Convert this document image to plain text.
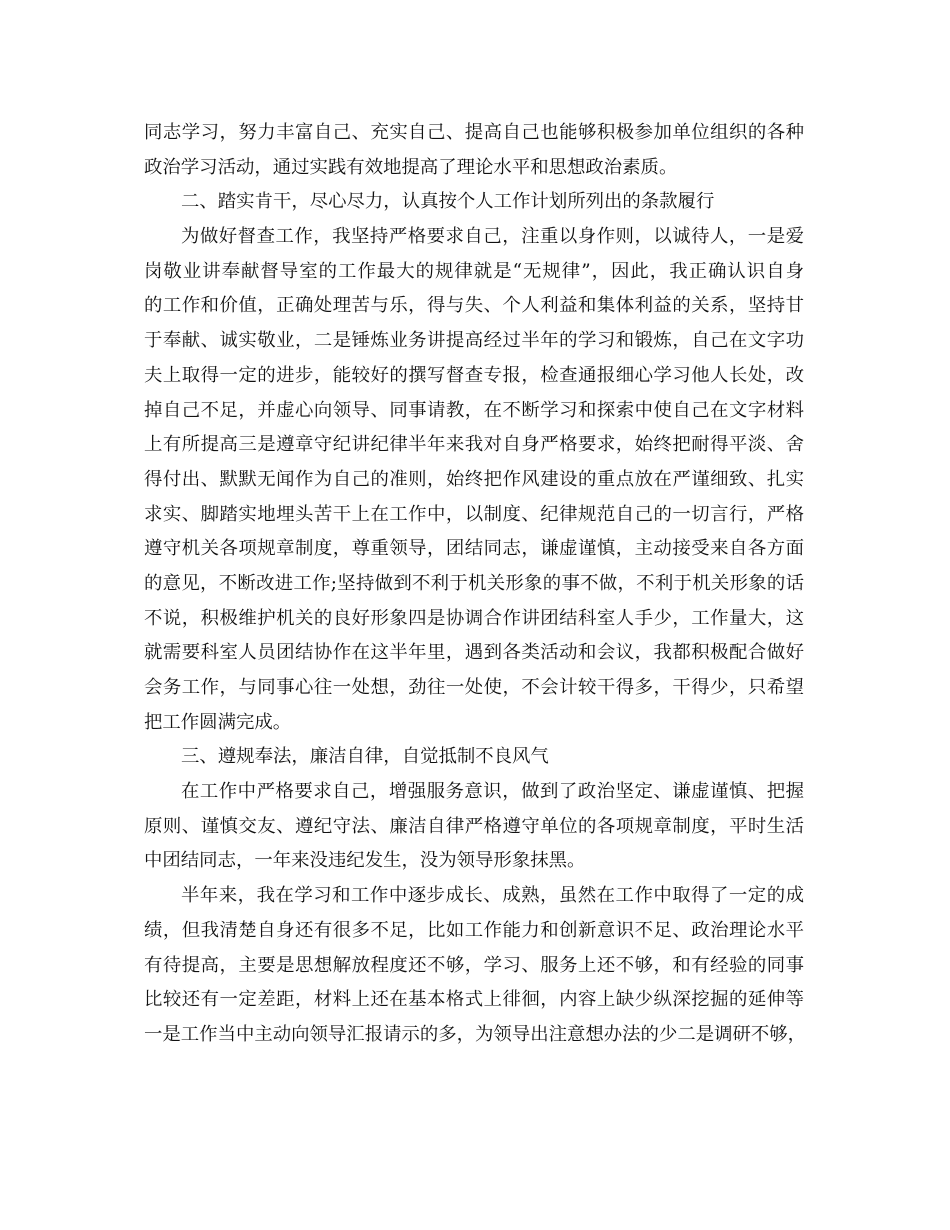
同志学习，努力丰富自己、充实自己、提高自己也能够积极参加单位组织的各种
政治学习活动，通过实践有效地提高了理论水平和思想政治素质。
二、踏实肯干，尽心尽力，认真按个人工作计划所列出的条款履行
为做好督查工作，我坚持严格要求自己，注重以身作则，以诚待人，一是爱
岗敬业讲奉献督导室的工作最大的规律就是“无规律”，因此，我正确认识自身
的工作和价值，正确处理苦与乐，得与失、个人利益和集体利益的关系，坚持甘
于奉献、诚实敬业，二是锤炼业务讲提高经过半年的学习和锻炼，自己在文字功
夫上取得一定的进步，能较好的撰写督查专报，检查通报细心学习他人长处，改
掉自己不足，并虚心向领导、同事请教，在不断学习和探索中使自己在文字材料
上有所提高三是遵章守纪讲纪律半年来我对自身严格要求，始终把耐得平淡、舍
得付出、默默无闻作为自己的准则，始终把作风建设的重点放在严谨细致、扎实
求实、脚踏实地埋头苦干上在工作中，以制度、纪律规范自己的一切言行，严格
遵守机关各项规章制度，尊重领导，团结同志，谦虚谨慎，主动接受来自各方面
的意见，不断改进工作;坚持做到不利于机关形象的事不做，不利于机关形象的话
不说，积极维护机关的良好形象四是协调合作讲团结科室人手少，工作量大，这
就需要科室人员团结协作在这半年里，遇到各类活动和会议，我都积极配合做好
会务工作，与同事心往一处想，劲往一处使，不会计较干得多，干得少，只希望
把工作圆满完成。
三、遵规奉法，廉洁自律，自觉抵制不良风气
在工作中严格要求自己，增强服务意识，做到了政治坚定、谦虚谨慎、把握
原则、谨慎交友、遵纪守法、廉洁自律严格遵守单位的各项规章制度，平时生活
中团结同志，一年来没违纪发生，没为领导形象抹黑。
半年来，我在学习和工作中逐步成长、成熟，虽然在工作中取得了一定的成
绩，但我清楚自身还有很多不足，比如工作能力和创新意识不足、政治理论水平
有待提高，主要是思想解放程度还不够，学习、服务上还不够，和有经验的同事
比较还有一定差距，材料上还在基本格式上徘徊，内容上缺少纵深挖掘的延伸等
一是工作当中主动向领导汇报请示的多，为领导出注意想办法的少二是调研不够，
